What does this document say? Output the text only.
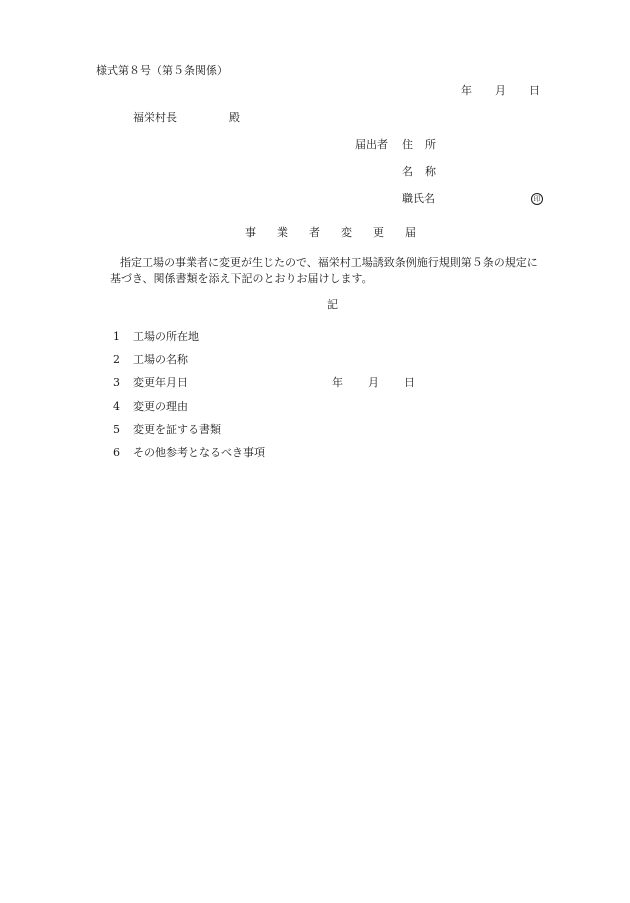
様式第８号（第５条関係）
年 月 日
福栄村長	殿
届出者 住所
名称
職氏名	印
事業者変更届
指定工場の事業者に変更が生じたので、福栄村工場誘致条例施行規則第５条の規定に
基づき、関係書類を添え下記のとおりお届けします。
記
1 工場の所在地
2 工場の名称
3 変更年月日	年 月 日
4 変更の理由
5 変更を証する書類
6 その他参考となるべき事項
